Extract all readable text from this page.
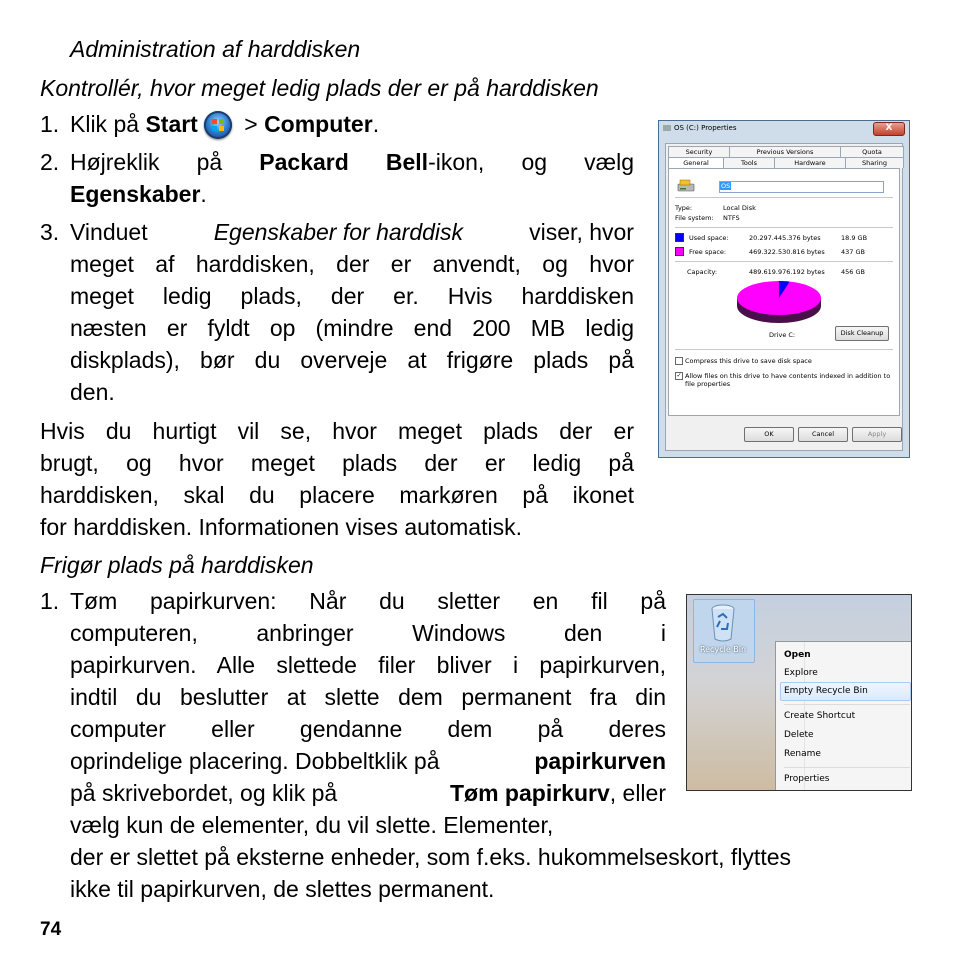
Administration af harddisken
Kontrollér, hvor meget ledig plads der er på harddisken
1. Klik på Start > Computer.
2. Højreklik på Packard Bell-ikon, og vælg
Egenskaber.
3. Vinduet	Egenskaber for harddisk	viser, hvor
meget af harddisken, der er anvendt, og hvor
meget ledig plads, der er. Hvis harddisken
næsten er fyldt op (mindre end 200 MB ledig
diskplads), bør du overveje at frigøre plads på
den.
Hvis du hurtigt vil se, hvor meget plads der er
brugt, og hvor meget plads der er ledig på
harddisken, skal du placere markøren på ikonet
for harddisken. Informationen vises automatisk.
Frigør plads på harddisken
1. Tøm papirkurven: Når du sletter en fil på
computeren, anbringer Windows den i
papirkurven. Alle slettede filer bliver i papirkurven,
indtil du beslutter at slette dem permanent fra din
computer eller gendanne dem på deres
oprindelige placering. Dobbeltklik på	papirkurven
på skrivebordet, og klik på	Tøm papirkurv, eller
vælg kun de elementer, du vil slette. Elementer,
der er slettet på eksterne enheder, som f.eks. hukommelseskort, flyttes
ikke til papirkurven, de slettes permanent.
74
OS (C:) Properties	X
Security	Previous Versions	Quota
General	Tools	Hardware	Sharing
OS
Type:	Local Disk
File system: NTFS
Used space:	20.297.445.376 bytes	18.9 GB
Free space:	469.322.530.816 bytes 437 GB
Capacity:	489.619.976.192 bytes 456 GB
Drive C:	Disk Cleanup
Compress this drive to save disk space
✓ Allow files on this drive to have contents indexed in addition to
file properties
OK	Cancel	Apply
Recycle Bin
Open
Explore
Empty Recycle Bin
Create Shortcut
Delete
Rename
Properties
